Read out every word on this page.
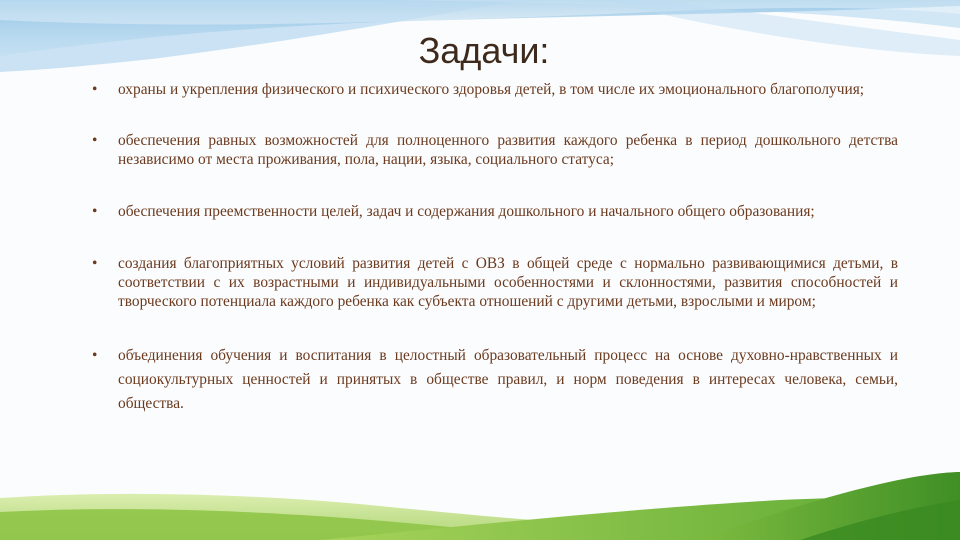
Задачи:
• охраны и укрепления физического и психического здоровья детей, в том числе их эмоционального благополучия;
• обеспечения равных возможностей для полноценного развития каждого ребенка в период дошкольного детства независимо от места проживания, пола, нации, языка, социального статуса;
• обеспечения преемственности целей, задач и содержания дошкольного и начального общего образования;
• создания благоприятных условий развития детей с ОВЗ в общей среде с нормально развивающимися детьми, в соответствии с их возрастными и индивидуальными особенностями и склонностями, развития способностей и творческого потенциала каждого ребенка как субъекта отношений с другими детьми, взрослыми и миром;
• объединения обучения и воспитания в целостный образовательный процесс на основе духовно-нравственных и социокультурных ценностей и принятых в обществе правил, и норм поведения в интересах человека, семьи, общества.
